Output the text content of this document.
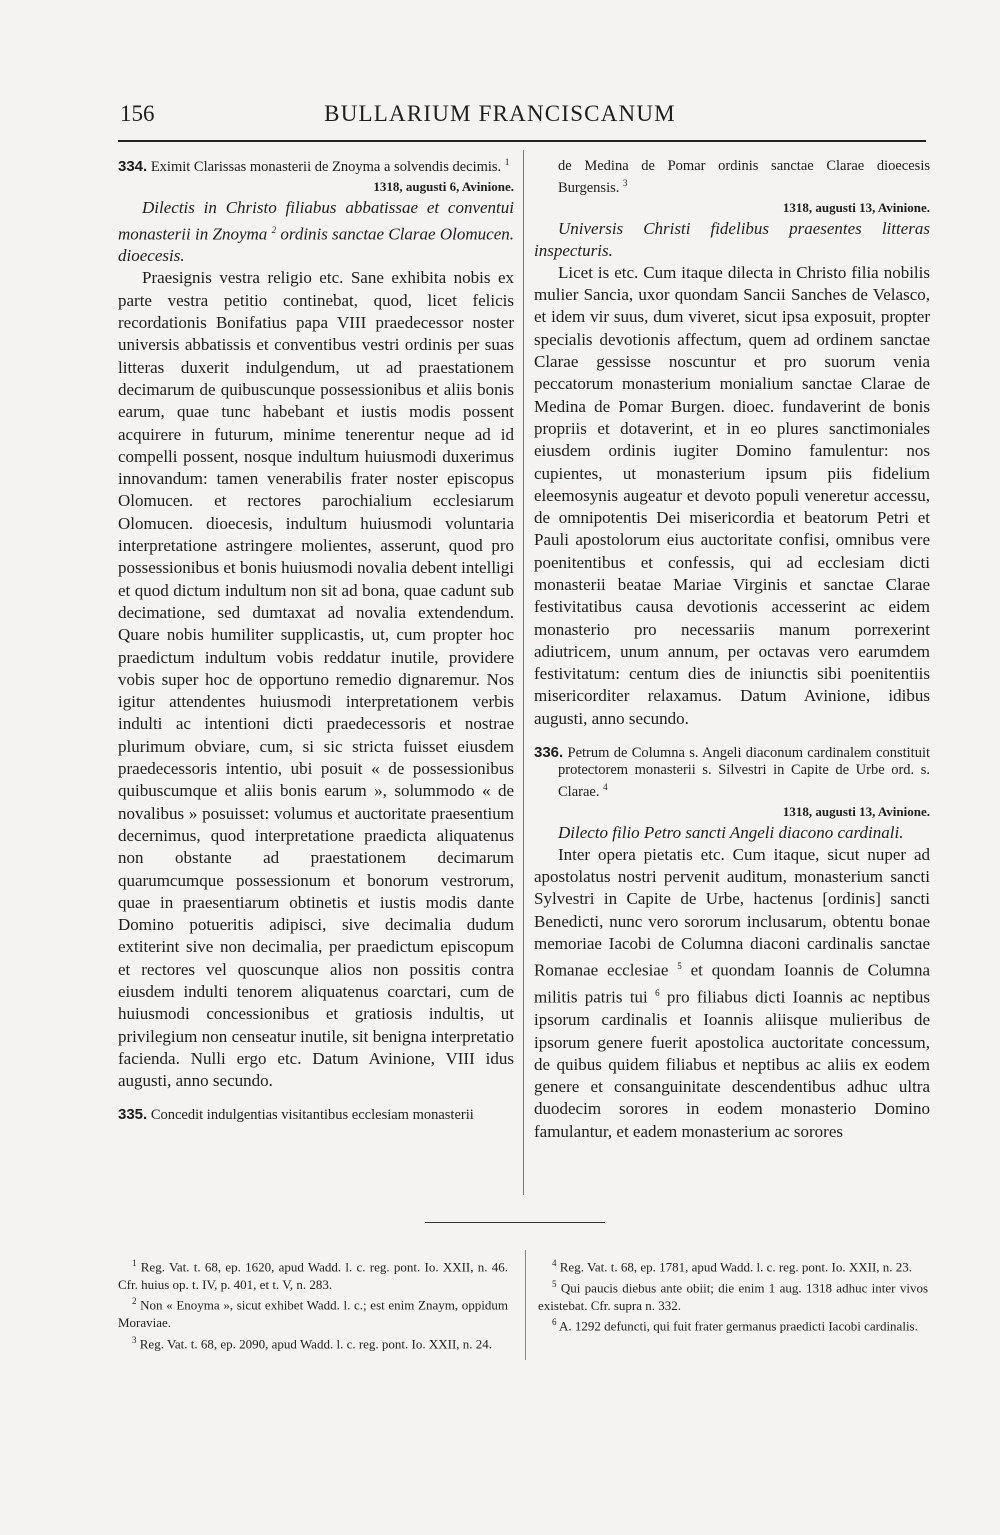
156	BULLARIUM FRANCISCANUM
334. Eximit Clarissas monasterii de Znoyma a solvendis decimis. $^1$
1318, augusti 6, Avinione.
Dilectis in Christo filiabus abbatissae et conventui monasterii in Znoyma $^2$ ordinis sanctae Clarae Olomucen. dioecesis.

Praesignis vestra religio etc. Sane exhibita nobis ex parte vestra petitio continebat, quod, licet felicis recordationis Bonifatius papa VIII praedecessor noster universis abbatissis et conventibus vestri ordinis per suas litteras duxerit indulgendum, ut ad praestationem decimarum de quibuscunque possessionibus et aliis bonis earum, quae tunc habebant et iustis modis possent acquirere in futurum, minime tenerentur neque ad id compelli possent, nosque indultum huiusmodi duxerimus innovandum: tamen venerabilis frater noster episcopus Olomucen. et rectores parochialium ecclesiarum Olomucen. dioecesis, indultum huiusmodi voluntaria interpretatione astringere molientes, asserunt, quod pro possessionibus et bonis huiusmodi novalia debent intelligi et quod dictum indultum non sit ad bona, quae cadunt sub decimatione, sed dumtaxat ad novalia extendendum. Quare nobis humiliter supplicastis, ut, cum propter hoc praedictum indultum vobis reddatur inutile, providere vobis super hoc de opportuno remedio dignaremur. Nos igitur attendentes huiusmodi interpretationem verbis indulti ac intentioni dicti praedecessoris et nostrae plurimum obviare, cum, si sic stricta fuisset eiusdem praedecessoris intentio, ubi posuit « de possessionibus quibuscumque et aliis bonis earum », solummodo « de novalibus » posuisset: volumus et auctoritate praesentium decernimus, quod interpretatione praedicta aliquatenus non obstante ad praestationem decimarum quarumcumque possessionum et bonorum vestrorum, quae in praesentiarum obtinetis et iustis modis dante Domino potueritis adipisci, sive decimalia dudum extiterint sive non decimalia, per praedictum episcopum et rectores vel quoscunque alios non possitis contra eiusdem indulti tenorem aliquatenus coarctari, cum de huiusmodi concessionibus et gratiosis indultis, ut privilegium non censeatur inutile, sit benigna interpretatio facienda. Nulli ergo etc. Datum Avinione, VIII idus augusti, anno secundo.

335. Concedit indulgentias visitantibus ecclesiam monasterii
de Medina de Pomar ordinis sanctae Clarae dioecesis Burgensis. $^3$
1318, augusti 13, Avinione.
Universis Christi fidelibus praesentes litteras inspecturis.

Licet is etc. Cum itaque dilecta in Christo filia nobilis mulier Sancia, uxor quondam Sancii Sanches de Velasco, et idem vir suus, dum viveret, sicut ipsa exposuit, propter specialis devotionis affectum, quem ad ordinem sanctae Clarae gessisse noscuntur et pro suorum venia peccatorum monasterium monialium sanctae Clarae de Medina de Pomar Burgen. dioec. fundaverint de bonis propriis et dotaverint, et in eo plures sanctimoniales eiusdem ordinis iugiter Domino famulentur: nos cupientes, ut monasterium ipsum piis fidelium eleemosynis augeatur et devoto populi veneretur accessu, de omnipotentis Dei misericordia et beatorum Petri et Pauli apostolorum eius auctoritate confisi, omnibus vere poenitentibus et confessis, qui ad ecclesiam dicti monasterii beatae Mariae Virginis et sanctae Clarae festivitatibus causa devotionis accesserint ac eidem monasterio pro necessariis manum porrexerint adiutricem, unum annum, per octavas vero earumdem festivitatum: centum dies de iniunctis sibi poenitentiis misericorditer relaxamus. Datum Avinione, idibus augusti, anno secundo.

336. Petrum de Columna s. Angeli diaconum cardinalem constituit protectorem monasterii s. Silvestri in Capite de Urbe ord. s. Clarae. $^4$
1318, augusti 13, Avinione.
Dilecto filio Petro sancti Angeli diacono cardinali.

Inter opera pietatis etc. Cum itaque, sicut nuper ad apostolatus nostri pervenit auditum, monasterium sancti Sylvestri in Capite de Urbe, hactenus [ordinis] sancti Benedicti, nunc vero sororum inclusarum, obtentu bonae memoriae Iacobi de Columna diaconi cardinalis sanctae Romanae ecclesiae $^5$ et quondam Ioannis de Columna militis patris tui $^6$ pro filiabus dicti Ioannis ac neptibus ipsorum cardinalis et Ioannis aliisque mulieribus de ipsorum genere fuerit apostolica auctoritate concessum, de quibus quidem filiabus et neptibus ac aliis ex eodem genere et consanguinitate descendentibus adhuc ultra duodecim sorores in eodem monasterio Domino famulantur, et eadem monasterium ac sorores

$^1$ Reg. Vat. t. 68, ep. 1620, apud Wadd. l. c. reg. pont. Io. XXII, n. 46. Cfr. huius op. t. IV, p. 401, et t. V, n. 283.

$^2$ Non « Enoyma », sicut exhibet Wadd. l. c.; est enim Znaym, oppidum Moraviae.

$^3$ Reg. Vat. t. 68, ep. 2090, apud Wadd. l. c. reg. pont. Io. XXII, n. 24.

$^4$ Reg. Vat. t. 68, ep. 1781, apud Wadd. l. c. reg. pont. Io. XXII, n. 23.

$^5$ Qui paucis diebus ante obiit; die enim 1 aug. 1318 adhuc inter vivos existebat. Cfr. supra n. 332.

$^6$ A. 1292 defuncti, qui fuit frater germanus praedicti Iacobi cardinalis.
